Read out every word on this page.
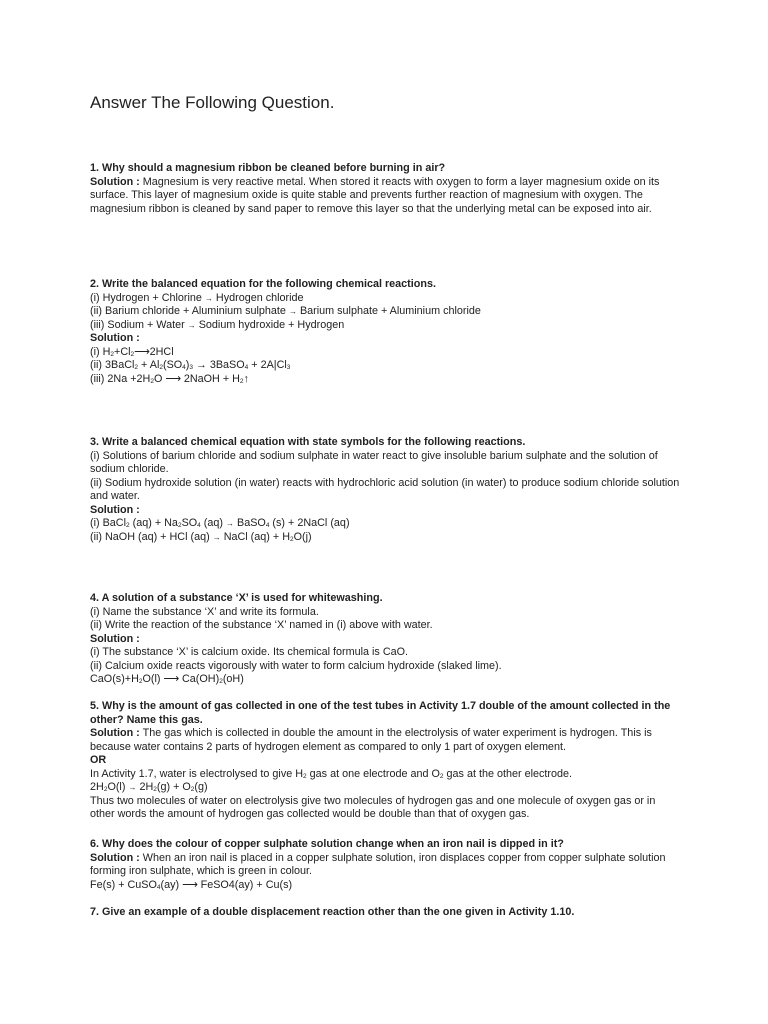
Answer The Following Question.
1. Why should a magnesium ribbon be cleaned before burning in air?
Solution : Magnesium is very reactive metal. When stored it reacts with oxygen to form a layer magnesium oxide on its surface. This layer of magnesium oxide is quite stable and prevents further reaction of magnesium with oxygen. The magnesium ribbon is cleaned by sand paper to remove this layer so that the underlying metal can be exposed into air.
2. Write the balanced equation for the following chemical reactions.
(i) Hydrogen + Chlorine → Hydrogen chloride
(ii) Barium chloride + Aluminium sulphate → Barium sulphate + Aluminium chloride
(iii) Sodium + Water → Sodium hydroxide + Hydrogen
Solution :
(i) $H_2+Cl_2⟶2HCl$
(ii) 3BaCl$_2$ + $Al_2(SO_4)_3$ → 3BaSO$_4$ + $2A|Cl_3$
(iii) $2Na +2H_2O$ ⟶ 2NaOH + $H_2↑$
3. Write a balanced chemical equation with state symbols for the following reactions.
(i) Solutions of barium chloride and sodium sulphate in water react to give insoluble barium sulphate and the solution of sodium chloride.
(ii) Sodium hydroxide solution (in water) reacts with hydrochloric acid solution (in water) to produce sodium chloride solution and water.
Solution :
(i) BaCl$_2$ $(aq) + Na_2SO_4$ (aq) → BaSO$_4$ (s) + 2NaCl (aq)
(ii) NaOH (aq) + HCl (aq) → NaCl $(aq) + H_2O(j)$
4. A solution of a substance ‘X’ is used for whitewashing.
(i) Name the substance ‘X’ and write its formula.
(ii) Write the reaction of the substance ‘X’ named in (i) above with water.
Solution :
(i) The substance ‘X’ is calcium oxide. Its chemical formula is CaO.
(ii) Calcium oxide reacts vigorously with water to form calcium hydroxide (slaked lime).
$CaO(s)+H_2O(l)$ ⟶ $Ca(OH)_2(oH)$
5. Why is the amount of gas collected in one of the test tubes in Activity 1.7 double of the amount collected in the other? Name this gas.
Solution : The gas which is collected in double the amount in the electrolysis of water experiment is hydrogen. This is because water contains 2 parts of hydrogen element as compared to only 1 part of oxygen element.
OR
In Activity 1.7, water is electrolysed to give $H_2$ gas at one electrode and $O_2$ gas at the other electrode.
$2H_2O(l) \to 2H_2(g) + O_2(g)$
Thus two molecules of water on electrolysis give two molecules of hydrogen gas and one molecule of oxygen gas or in other words the amount of hydrogen gas collected would be double than that of oxygen gas.
6. Why does the colour of copper sulphate solution change when an iron nail is dipped in it?
Solution : When an iron nail is placed in a copper sulphate solution, iron displaces copper from copper sulphate solution forming iron sulphate, which is green in colour.
Fe(s) + CuSO$_4$(ay) ⟶ FeSO4(ay) + Cu(s)
7. Give an example of a double displacement reaction other than the one given in Activity 1.10.
